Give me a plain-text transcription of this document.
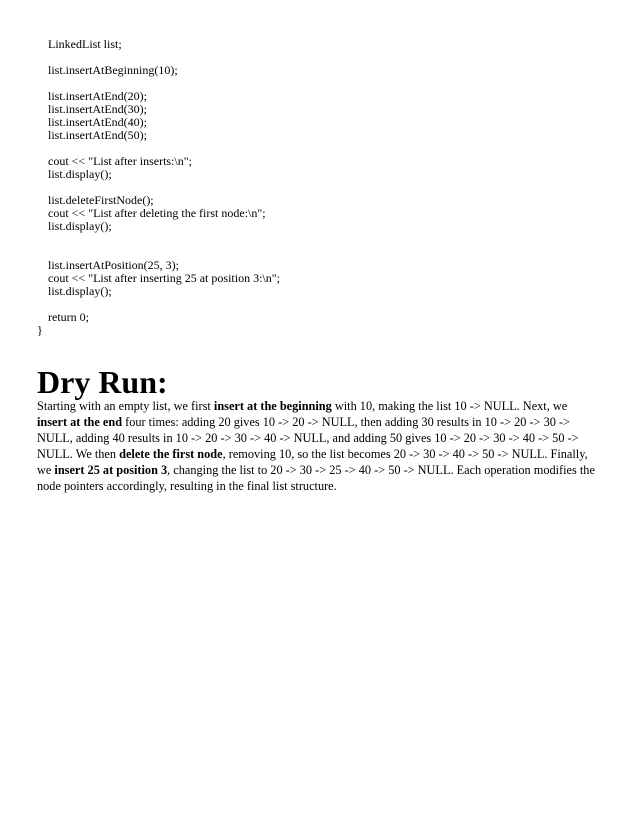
LinkedList list;
list.insertAtBeginning(10);
list.insertAtEnd(20);
list.insertAtEnd(30);
list.insertAtEnd(40);
list.insertAtEnd(50);
cout << "List after inserts:\n";
list.display();
list.deleteFirstNode();
cout << "List after deleting the first node:\n";
list.display();
list.insertAtPosition(25, 3);
cout << "List after inserting 25 at position 3:\n";
list.display();
return 0;
}
Dry Run:

Starting with an empty list, we first insert at the beginning with 10, making the list 10 -> NULL. Next, we insert at the end four times: adding 20 gives 10 -> 20 -> NULL, then adding 30 results in 10 -> 20 -> 30 -> NULL, adding 40 results in 10 -> 20 -> 30 -> 40 -> NULL, and adding 50 gives 10 -> 20 -> 30 -> 40 -> 50 -> NULL. We then delete the first node, removing 10, so the list becomes 20 -> 30 -> 40 -> 50 -> NULL. Finally, we insert 25 at position 3, changing the list to 20 -> 30 -> 25 -> 40 -> 50 -> NULL. Each operation modifies the node pointers accordingly, resulting in the final list structure.
